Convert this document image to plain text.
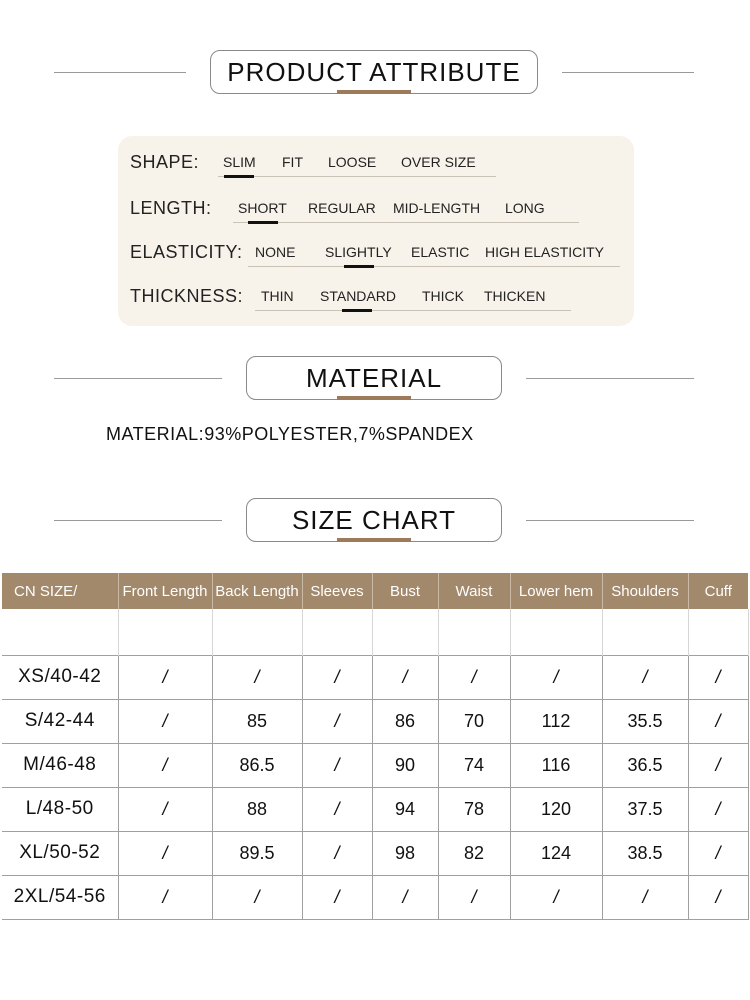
PRODUCT ATTRIBUTE
SHAPE: SLIM FIT LOOSE OVER SIZE
LENGTH: SHORT REGULAR MID-LENGTH LONG
ELASTICITY: NONE SLIGHTLY ELASTIC HIGH ELASTICITY
THICKNESS: THIN STANDARD THICK THICKEN
MATERIAL
MATERIAL:93%POLYESTER,7%SPANDEX
SIZE CHART
CN SIZE/	Front Length	Back Length	Sleeves	Bust	Waist	Lower hem	Shoulders	Cuff

XS/40-42	/	/	/	/	/	/	/	/
S/42-44	/	85	/	86	70	112	35.5	/
M/46-48	/	86.5	/	90	74	116	36.5	/
L/48-50	/	88	/	94	78	120	37.5	/
XL/50-52	/	89.5	/	98	82	124	38.5	/
2XL/54-56	/	/	/	/	/	/	/	/
